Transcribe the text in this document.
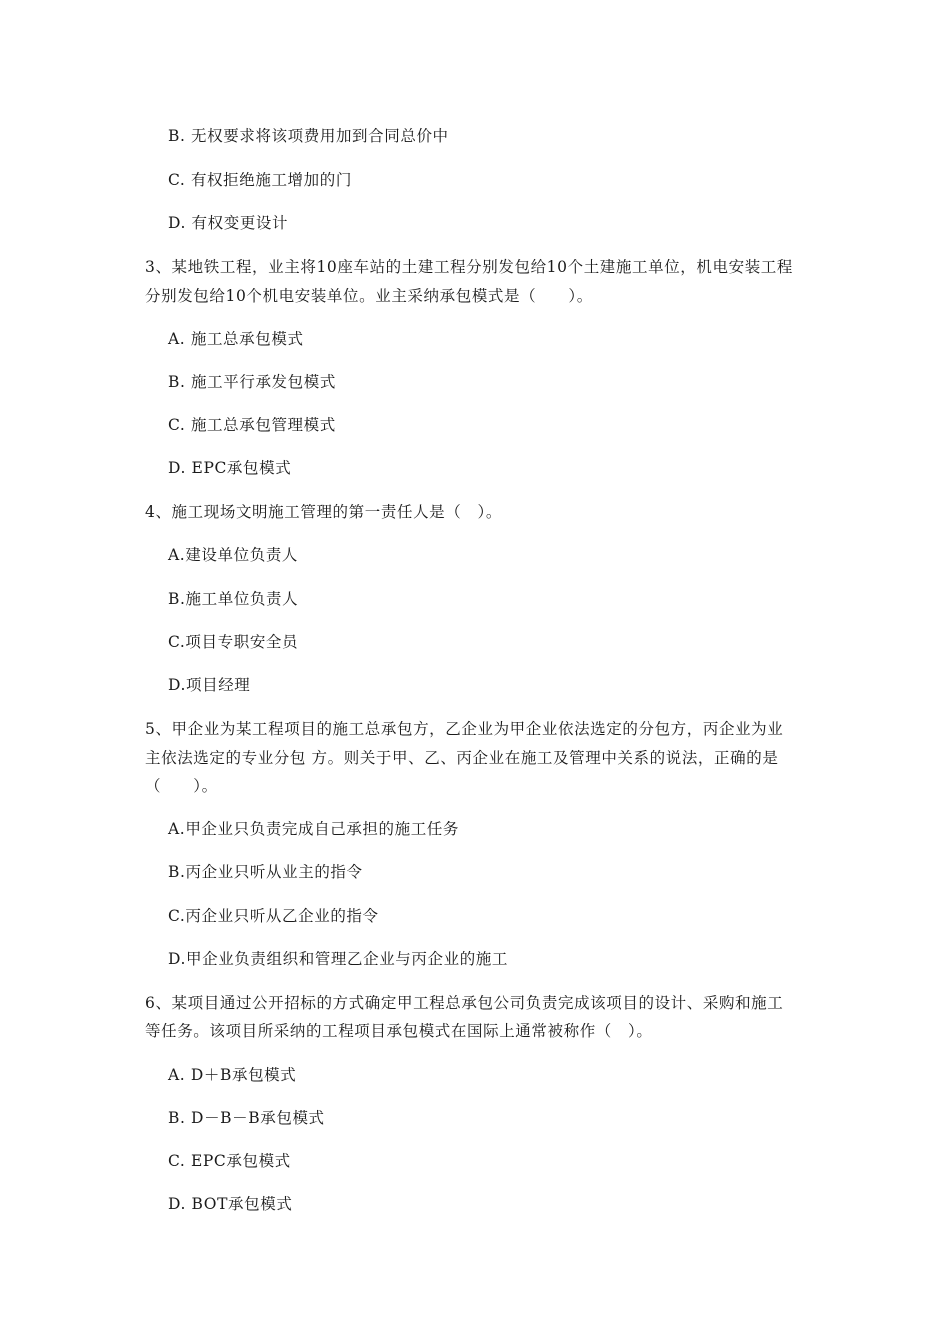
B. 无权要求将该项费用加到合同总价中
C. 有权拒绝施工增加的门
D. 有权变更设计
3、某地铁工程，业主将10座车站的土建工程分别发包给10个土建施工单位，机电安装工程
分别发包给10个机电安装单位。业主采纳承包模式是（　　）。
A. 施工总承包模式
B. 施工平行承发包模式
C. 施工总承包管理模式
D. EPC承包模式
4、施工现场文明施工管理的第一责任人是（　）。
A.建设单位负责人
B.施工单位负责人
C.项目专职安全员
D.项目经理
5、甲企业为某工程项目的施工总承包方，乙企业为甲企业依法选定的分包方，丙企业为业
主依法选定的专业分包 方。则关于甲、乙、丙企业在施工及管理中关系的说法，正确的是
（　　）。
A.甲企业只负责完成自己承担的施工任务
B.丙企业只听从业主的指令
C.丙企业只听从乙企业的指令
D.甲企业负责组织和管理乙企业与丙企业的施工
6、某项目通过公开招标的方式确定甲工程总承包公司负责完成该项目的设计、采购和施工
等任务。该项目所采纳的工程项目承包模式在国际上通常被称作（　）。
A. D＋B承包模式
B. D－B－B承包模式
C. EPC承包模式
D. BOT承包模式
